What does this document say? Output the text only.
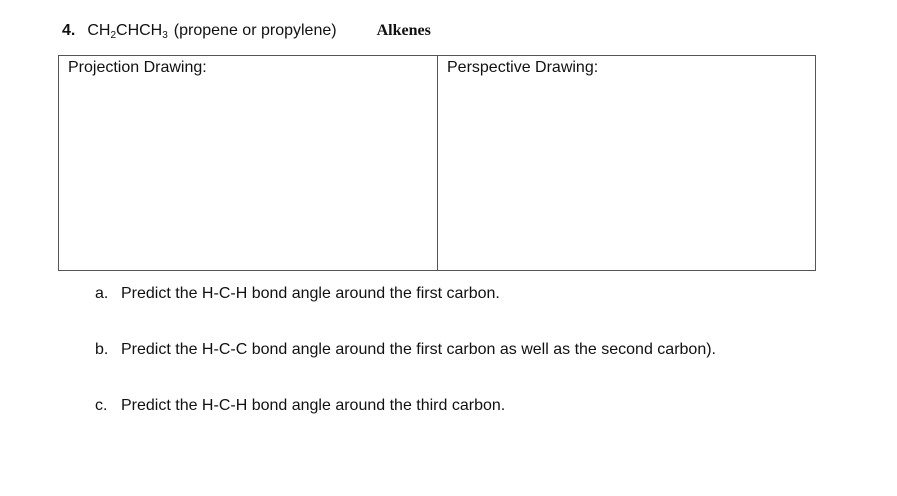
4. $CH_2CHCH_3$ (propene or propylene)	Alkenes
Projection Drawing:	Perspective Drawing:
a. Predict the H-C-H bond angle around the first carbon.
b. Predict the H-C-C bond angle around the first carbon as well as the second carbon).
c. Predict the H-C-H bond angle around the third carbon.
